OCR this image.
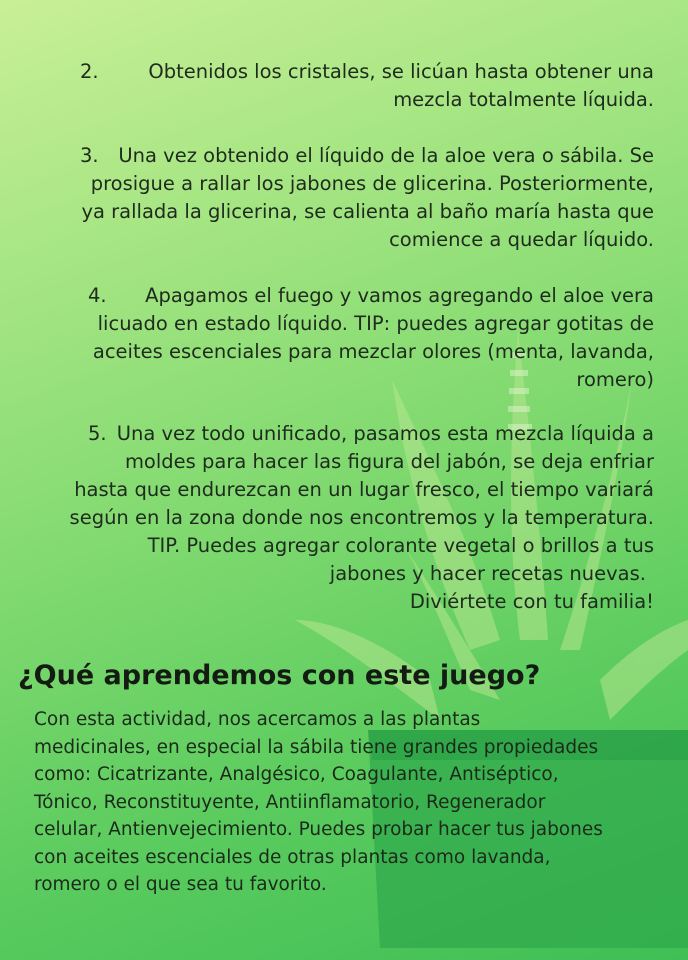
2.	Obtenidos los cristales, se licúan hasta obtener una
mezcla totalmente líquida.
3. Una vez obtenido el líquido de la aloe vera o sábila. Se
prosigue a rallar los jabones de glicerina. Posteriormente,
ya rallada la glicerina, se calienta al baño maría hasta que
comience a quedar líquido.
4. Apagamos el fuego y vamos agregando el aloe vera
licuado en estado líquido. TIP: puedes agregar gotitas de
aceites escenciales para mezclar olores (menta, lavanda,
romero)
5. Una vez todo unificado, pasamos esta mezcla líquida a
moldes para hacer las figura del jabón, se deja enfriar
hasta que endurezcan en un lugar fresco, el tiempo variará
según en la zona donde nos encontremos y la temperatura.
TIP. Puedes agregar colorante vegetal o brillos a tus
jabones y hacer recetas nuevas.
Diviértete con tu familia!
¿Qué aprendemos con este juego?
Con esta actividad, nos acercamos a las plantas
medicinales, en especial la sábila tiene grandes propiedades
como: Cicatrizante, Analgésico, Coagulante, Antiséptico,
Tónico, Reconstituyente, Antiinflamatorio, Regenerador
celular, Antienvejecimiento. Puedes probar hacer tus jabones
con aceites escenciales de otras plantas como lavanda,
romero o el que sea tu favorito.
